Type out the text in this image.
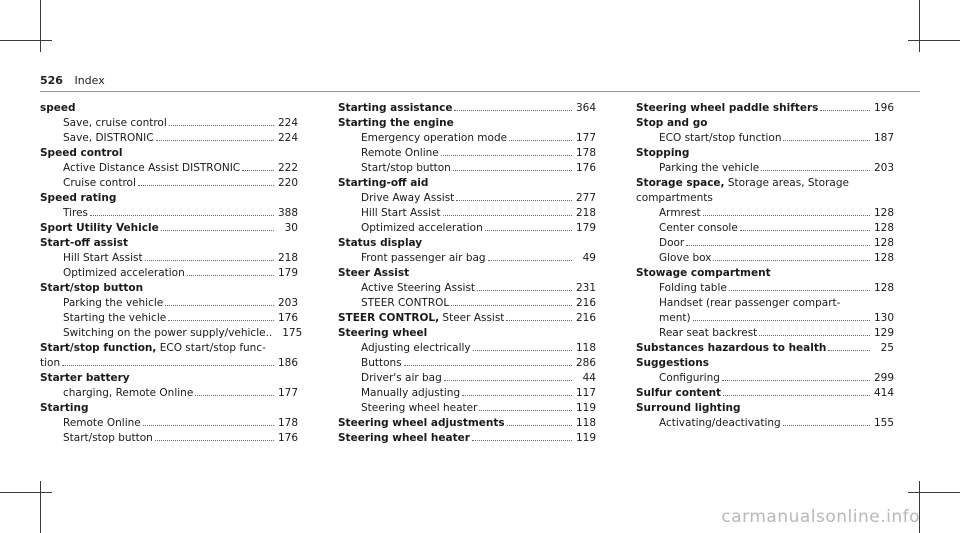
526 Index
speed
Save, cruise control	224
Save, DISTRONIC	224
Speed control
Active Distance Assist DISTRONIC	222
Cruise control	220
Speed rating
Tires	388
Sport Utility Vehicle	30
Start-off assist
Hill Start Assist	218
Optimized acceleration	179
Start/stop button
Parking the vehicle	203
Starting the vehicle	176
Switching on the power supply/vehicle.. 175
Start/stop function, ECO start/stop func-
tion	186
Starter battery
charging, Remote Online	177
Starting
Remote Online	178
Start/stop button	176
Starting assistance	364
Starting the engine
Emergency operation mode	177
Remote Online	178
Start/stop button	176
Starting-off aid
Drive Away Assist	277
Hill Start Assist	218
Optimized acceleration	179
Status display
Front passenger air bag	49
Steer Assist
Active Steering Assist	231
STEER CONTROL	216
STEER CONTROL, Steer Assist	216
Steering wheel
Adjusting electrically	118
Buttons	286
Driver's air bag	44
Manually adjusting	117
Steering wheel heater	119
Steering wheel adjustments	118
Steering wheel heater	119
Steering wheel paddle shifters	196
Stop and go
ECO start/stop function	187
Stopping
Parking the vehicle	203
Storage space, Storage areas, Storage
compartments
Armrest	128
Center console	128
Door	128
Glove box	128
Stowage compartment
Folding table	128
Handset (rear passenger compart-
ment)	130
Rear seat backrest	129
Substances hazardous to health	25
Suggestions
Configuring	299
Sulfur content	414
Surround lighting
Activating/deactivating	155
carmanualsonline.info
